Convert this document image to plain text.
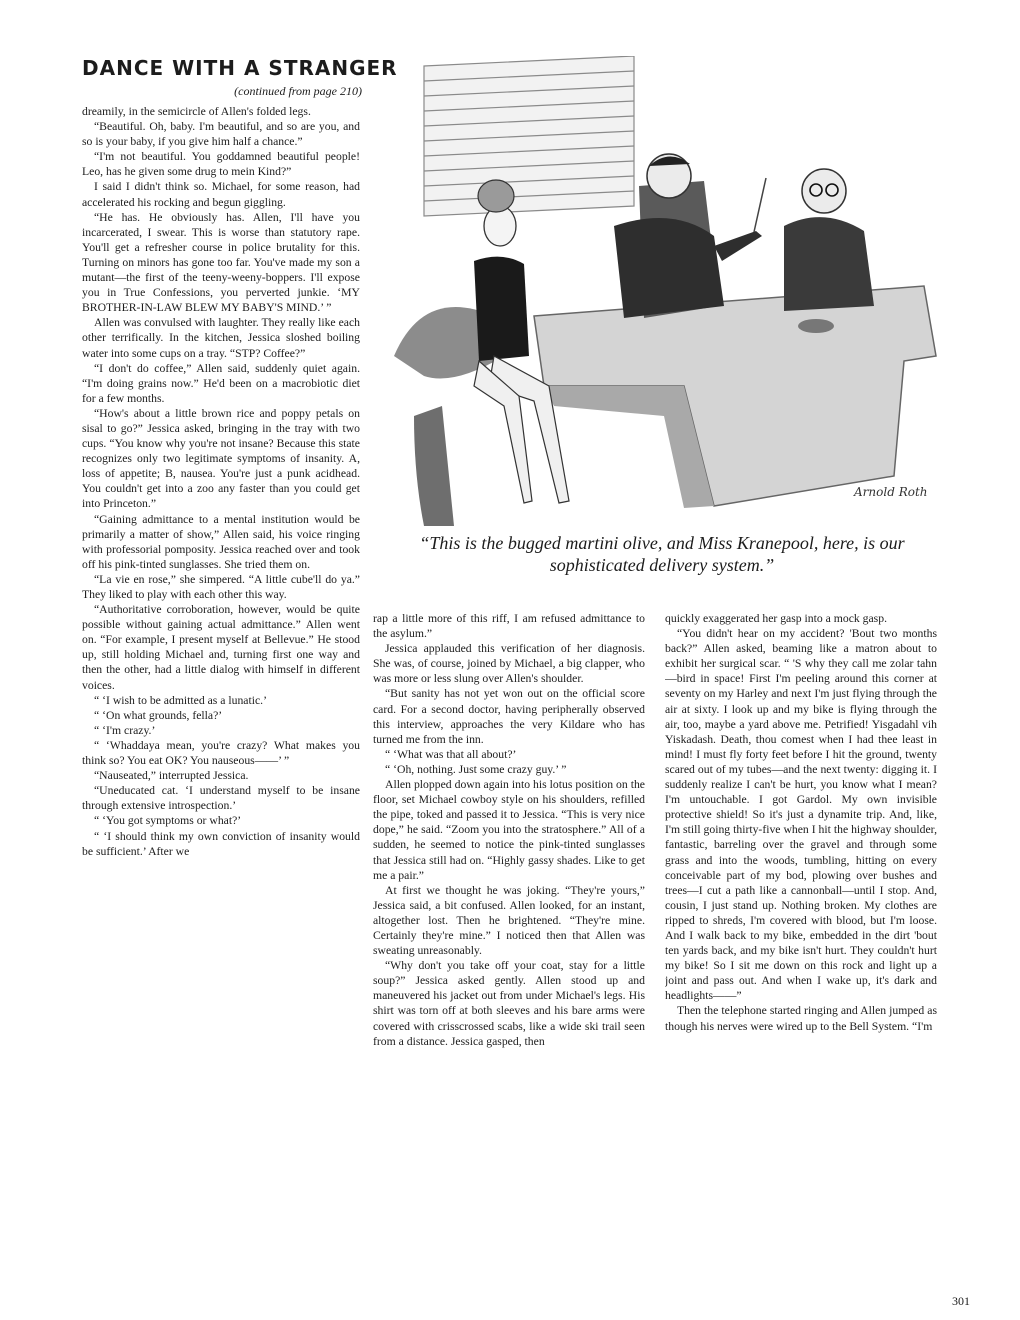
DANCE WITH A STRANGER
(continued from page 210)

dreamily, in the semicircle of Allen's folded legs.

“Beautiful. Oh, baby. I'm beautiful, and so are you, and so is your baby, if you give him half a chance.”

“I'm not beautiful. You goddamned beautiful people! Leo, has he given some drug to mein Kind?”

I said I didn't think so. Michael, for some reason, had accelerated his rocking and begun giggling.

“He has. He obviously has. Allen, I'll have you incarcerated, I swear. This is worse than statutory rape. You'll get a refresher course in police brutality for this. Turning on minors has gone too far. You've made my son a mutant—the first of the teeny-weeny-boppers. I'll expose you in True Confessions, you perverted junkie. ‘MY BROTHER-IN-LAW BLEW MY BABY'S MIND.’ ”

Allen was convulsed with laughter. They really like each other terrifically. In the kitchen, Jessica sloshed boiling water into some cups on a tray. “STP? Coffee?”

“I don't do coffee,” Allen said, suddenly quiet again. “I'm doing grains now.” He'd been on a macrobiotic diet for a few months.

“How's about a little brown rice and poppy petals on sisal to go?” Jessica asked, bringing in the tray with two cups. “You know why you're not insane? Because this state recognizes only two legitimate symptoms of insanity. A, loss of appetite; B, nausea. You're just a punk acidhead. You couldn't get into a zoo any faster than you could get into Princeton.”

“Gaining admittance to a mental institution would be primarily a matter of show,” Allen said, his voice ringing with professorial pomposity. Jessica reached over and took off his pink-tinted sunglasses. She tried them on.

“La vie en rose,” she simpered. “A little cube'll do ya.” They liked to play with each other this way.

“Authoritative corroboration, however, would be quite possible without gaining actual admittance.” Allen went on. “For example, I present myself at Bellevue.” He stood up, still holding Michael and, turning first one way and then the other, had a little dialog with himself in different voices.

“ ‘I wish to be admitted as a lunatic.’

“ ‘On what grounds, fella?’

“ ‘I'm crazy.’

“ ‘Whaddaya mean, you're crazy? What makes you think so? You eat OK? You nauseous——’ ”

“Nauseated,” interrupted Jessica.

“Uneducated cat. ‘I understand myself to be insane through extensive introspection.’

“ ‘You got symptoms or what?’

“ ‘I should think my own conviction of insanity would be sufficient.’ After we

Arnold Roth
“This is the bugged martini olive, and Miss Kranepool, here, is our sophisticated delivery system.”

rap a little more of this riff, I am refused admittance to the asylum.”

Jessica applauded this verification of her diagnosis. She was, of course, joined by Michael, a big clapper, who was more or less slung over Allen's shoulder.

“But sanity has not yet won out on the official score card. For a second doctor, having peripherally observed this interview, approaches the very Kildare who has turned me from the inn.

“ ‘What was that all about?’

“ ‘Oh, nothing. Just some crazy guy.’ ”

Allen plopped down again into his lotus position on the floor, set Michael cowboy style on his shoulders, refilled the pipe, toked and passed it to Jessica. “This is very nice dope,” he said. “Zoom you into the stratosphere.” All of a sudden, he seemed to notice the pink-tinted sunglasses that Jessica still had on. “Highly gassy shades. Like to get me a pair.”

At first we thought he was joking. “They're yours,” Jessica said, a bit confused. Allen looked, for an instant, altogether lost. Then he brightened. “They're mine. Certainly they're mine.” I noticed then that Allen was sweating unreasonably.

“Why don't you take off your coat, stay for a little soup?” Jessica asked gently. Allen stood up and maneuvered his jacket out from under Michael's legs. His shirt was torn off at both sleeves and his bare arms were covered with crisscrossed scabs, like a wide ski trail seen from a distance. Jessica gasped, then

quickly exaggerated her gasp into a mock gasp.

“You didn't hear on my accident? 'Bout two months back?” Allen asked, beaming like a matron about to exhibit her surgical scar. “ 'S why they call me zolar tahn—bird in space! First I'm peeling around this corner at seventy on my Harley and next I'm just flying through the air at sixty. I look up and my bike is flying through the air, too, maybe a yard above me. Petrified! Yisgadahl vih Yiskadash. Death, thou comest when I had thee least in mind! I must fly forty feet before I hit the ground, twenty scared out of my tubes—and the next twenty: digging it. I suddenly realize I can't be hurt, you know what I mean? I'm untouchable. I got Gardol. My own invisible protective shield! So it's just a dynamite trip. And, like, I'm still going thirty-five when I hit the highway shoulder, fantastic, barreling over the gravel and through some grass and into the woods, tumbling, hitting on every conceivable part of my bod, plowing over bushes and trees—I cut a path like a cannonball—until I stop. And, cousin, I just stand up. Nothing broken. My clothes are ripped to shreds, I'm covered with blood, but I'm loose. And I walk back to my bike, embedded in the dirt 'bout ten yards back, and my bike isn't hurt. They couldn't hurt my bike! So I sit me down on this rock and light up a joint and pass out. And when I wake up, it's dark and headlights——”

Then the telephone started ringing and Allen jumped as though his nerves were wired up to the Bell System. “I'm

301
